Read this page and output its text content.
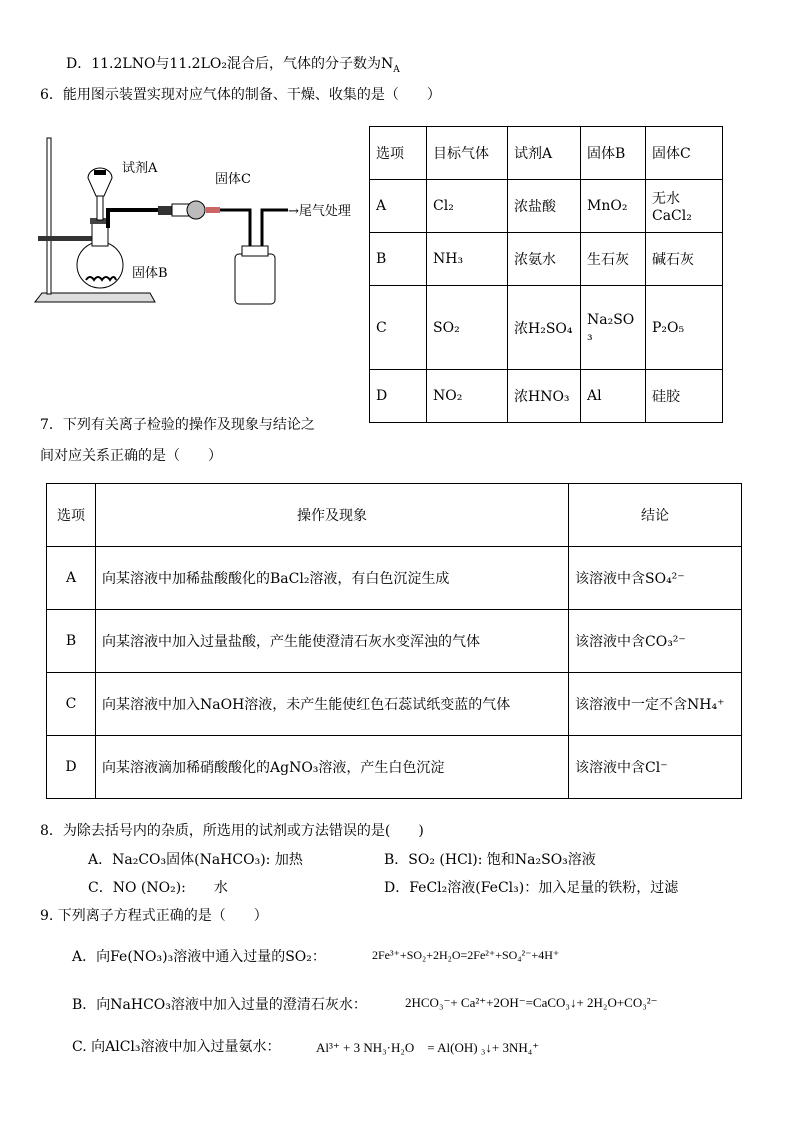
D．11.2LNO与11.2LO₂混合后，气体的分子数为$N_A$
6．能用图示装置实现对应气体的制备、干燥、收集的是（　　）
试剂A
固体C
→尾气处理
固体B
选项	目标气体	试剂A	固体B	固体C
A	Cl₂	浓盐酸	MnO₂	无水CaCl₂
B	NH₃	浓氨水	生石灰	碱石灰
C	SO₂	浓H₂SO₄	Na₂SO₃	P₂O₅
D	NO₂	浓HNO₃	Al	硅胶
7．下列有关离子检验的操作及现象与结论之
间对应关系正确的是（　　）
选项	操作及现象	结论
A	向某溶液中加稀盐酸酸化的BaCl₂溶液，有白色沉淀生成	该溶液中含SO₄²⁻
B	向某溶液中加入过量盐酸，产生能使澄清石灰水变浑浊的气体	该溶液中含CO₃²⁻
C	向某溶液中加入NaOH溶液，未产生能使红色石蕊试纸变蓝的气体	该溶液中一定不含NH₄⁺
D	向某溶液滴加稀硝酸酸化的AgNO₃溶液，产生白色沉淀	该溶液中含Cl⁻
8．为除去括号内的杂质，所选用的试剂或方法错误的是(　　)
A．Na₂CO₃固体(NaHCO₃): 加热	B．SO₂ (HCl): 饱和Na₂SO₃溶液
C．NO (NO₂):　　水	D．FeCl₂溶液(FeCl₃)：加入足量的铁粉，过滤
9. 下列离子方程式正确的是（　　）
A．向Fe(NO₃)₃溶液中通入过量的SO₂：	2Fe³⁺+SO₂+2H₂O=2Fe²⁺+SO₄²⁻+4H⁺
B．向NaHCO₃溶液中加入过量的澄清石灰水：	2HCO₃⁻+ Ca²⁺+2OH⁻=CaCO₃↓+ 2H₂O+CO₃²⁻
C. 向AlCl₃溶液中加入过量氨水：	Al³⁺ + 3 NH₃·H₂O　= Al(OH) ₃↓+ 3NH₄⁺
